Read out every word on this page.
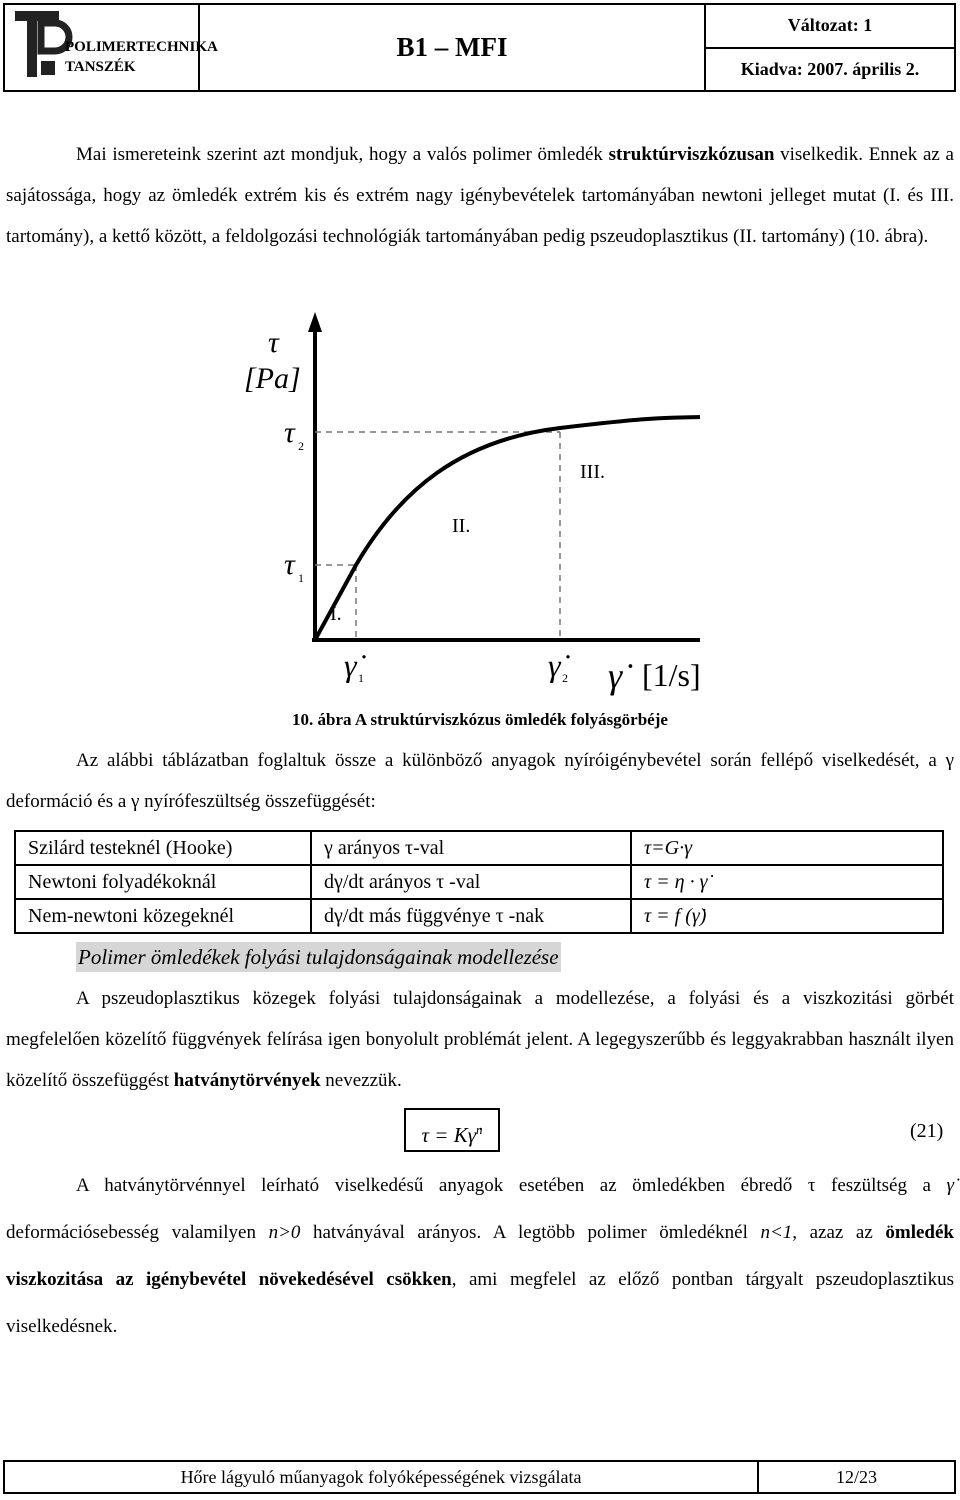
POLIMERTECHNIKA
TANSZÉK
	B1 – MFI	Változat: 1
Kiadva: 2007. április 2.
Mai ismereteink szerint azt mondjuk, hogy a valós polimer ömledék struktúrviszkózusan viselkedik. Ennek az a sajátossága, hogy az ömledék extrém kis és extrém nagy igénybevételek tartományában newtoni jelleget mutat (I. és III. tartomány), a kettő között, a feldolgozási technológiák tartományában pedig pszeudoplasztikus (II. tartomány) (10. ábra).
τ
[Pa]
τ 2
τ 1
I.
II.
III.
γ̇ 1	γ̇ 2 γ̇ [1/s]
10. ábra A struktúrviszkózus ömledék folyásgörbéje
Az alábbi táblázatban foglaltuk össze a különböző anyagok nyíróigénybevétel során fellépő viselkedését, a γ deformáció és a γ nyírófeszültség összefüggését:
Szilárd testeknél (Hooke)	γ arányos τ-val	τ=G·γ
Newtoni folyadékoknál	dγ/dt arányos τ -val	τ = η · γ̇
Nem-newtoni közegeknél	dγ/dt más függvénye τ -nak	τ = f (γ̇)
Polimer ömledékek folyási tulajdonságainak modellezése
A pszeudoplasztikus közegek folyási tulajdonságainak a modellezése, a folyási és a viszkozitási görbét megfelelően közelítő függvények felírása igen bonyolult problémát jelent. A legegyszerűbb és leggyakrabban használt ilyen közelítő összefüggést hatványtörvények nevezzük.
τ = Kγ̇$^n$	(21)
A hatványtörvénnyel leírható viselkedésű anyagok esetében az ömledékben ébredő τ feszültség a γ̇ deformációsebesség valamilyen n>0 hatványával arányos. A legtöbb polimer ömledéknél n<1, azaz az ömledék viszkozitása az igénybevétel növekedésével csökken, ami megfelel az előző pontban tárgyalt pszeudoplasztikus viselkedésnek.
Hőre lágyuló műanyagok folyóképességének vizsgálata	12/23
